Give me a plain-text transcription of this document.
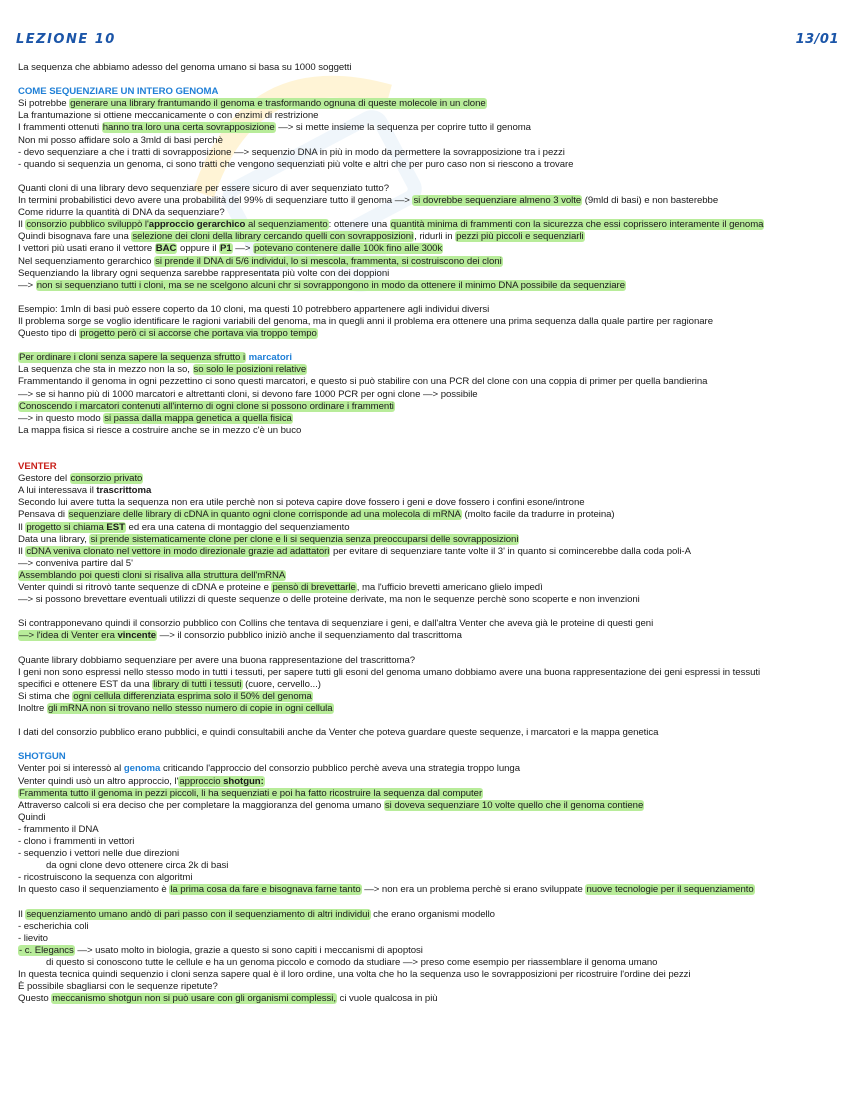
LEZIONE 10	13/01
La sequenza che abbiamo adesso del genoma umano si basa su 1000 soggetti
COME SEQUENZIARE UN INTERO GENOMA
Si potrebbe generare una library frantumando il genoma e trasformando ognuna di queste molecole in un clone
La frantumazione si ottiene meccanicamente o con enzimi di restrizione
I frammenti ottenuti hanno tra loro una certa sovrapposizione —> si mette insieme la sequenza per coprire tutto il genoma
Non mi posso affidare solo a 3mld di basi perchè
- devo sequenziare a che i tratti di sovrapposizione —> sequenzio DNA in più in modo da permettere la sovrapposizione tra i pezzi
- quando si sequenzia un genoma, ci sono tratti che vengono sequenziati più volte e altri che per puro caso non si riescono a trovare
Quanti cloni di una library devo sequenziare per essere sicuro di aver sequenziato tutto?
In termini probabilistici devo avere una probabilità del 99% di sequenziare tutto il genoma —> si dovrebbe sequenziare almeno 3 volte (9mld di basi) e non basterebbe
Come ridurre la quantità di DNA da sequenziare?
Il consorzio pubblico sviluppò l'approccio gerarchico al sequenziamento: ottenere una quantità minima di frammenti con la sicurezza che essi coprissero interamente il genoma
Quindi bisognava fare una selezione dei cloni della library cercando quelli con sovrapposizioni, ridurli in pezzi più piccoli e sequenziarli
I vettori più usati erano il vettore BAC oppure il P1 —> potevano contenere dalle 100k fino alle 300k
Nel sequenziamento gerarchico si prende il DNA di 5/6 individui, lo si mescola, frammenta, si costruiscono dei cloni
Sequenziando la library ogni sequenza sarebbe rappresentata più volte con dei doppioni
—> non si sequenziano tutti i cloni, ma se ne scelgono alcuni chr si sovrappongono in modo da ottenere il minimo DNA possibile da sequenziare
Esempio: 1mln di basi può essere coperto da 10 cloni, ma questi 10 potrebbero appartenere agli individui diversi
Il problema sorge se voglio identificare le ragioni variabili del genoma, ma in quegli anni il problema era ottenere una prima sequenza dalla quale partire per ragionare
Questo tipo di progetto però ci si accorse che portava via troppo tempo
Per ordinare i cloni senza sapere la sequenza sfrutto i marcatori
La sequenza che sta in mezzo non la so, so solo le posizioni relative
Frammentando il genoma in ogni pezzettino ci sono questi marcatori, e questo si può stabilire con una PCR del clone con una coppia di primer per quella bandierina
—> se si hanno più di 1000 marcatori e altrettanti cloni, si devono fare 1000 PCR per ogni clone —> possibile
Conoscendo i marcatori contenuti all'interno di ogni clone si possono ordinare i frammenti
—> in questo modo si passa dalla mappa genetica a quella fisica
La mappa fisica si riesce a costruire anche se in mezzo c'è un buco
VENTER
Gestore del consorzio privato
A lui interessava il trascrittoma
Secondo lui avere tutta la sequenza non era utile perchè non si poteva capire dove fossero i geni e dove fossero i confini esone/introne
Pensava di sequenziare delle library di cDNA in quanto ogni clone corrisponde ad una molecola di mRNA (molto facile da tradurre in proteina)
Il progetto si chiama EST ed era una catena di montaggio del sequenziamento
Data una library, si prende sistematicamente clone per clone e li si sequenzia senza preoccuparsi delle sovrapposizioni
Il cDNA veniva clonato nel vettore in modo direzionale grazie ad adattatori per evitare di sequenziare tante volte il 3' in quanto si comincerebbe dalla coda poli-A
—> conveniva partire dal 5'
Assemblando poi questi cloni si risaliva alla struttura dell'mRNA
Venter quindi si ritrovò tante sequenze di cDNA e proteine e pensò di brevettarle, ma l'ufficio brevetti americano glielo impedì
—> si possono brevettare eventuali utilizzi di queste sequenze o delle proteine derivate, ma non le sequenze perchè sono scoperte e non invenzioni
Si contrapponevano quindi il consorzio pubblico con Collins che tentava di sequenziare i geni, e dall'altra Venter che aveva già le proteine di questi geni
—> l'idea di Venter era vincente —> il consorzio pubblico iniziò anche il sequenziamento dal trascrittoma
Quante library dobbiamo sequenziare per avere una buona rappresentazione del trascrittoma?
I geni non sono espressi nello stesso modo in tutti i tessuti, per sapere tutti gli esoni del genoma umano dobbiamo avere una buona rappresentazione dei geni espressi in tessuti
specifici e ottenere EST da una library di tutti i tessuti (cuore, cervello...)
Si stima che ogni cellula differenziata esprima solo il 50% del genoma
Inoltre gli mRNA non si trovano nello stesso numero di copie in ogni cellula
I dati del consorzio pubblico erano pubblici, e quindi consultabili anche da Venter che poteva guardare queste sequenze, i marcatori e la mappa genetica
SHOTGUN
Venter poi si interessò al genoma criticando l'approccio del consorzio pubblico perchè aveva una strategia troppo lunga
Venter quindi usò un altro approccio, l'approccio shotgun:
Frammenta tutto il genoma in pezzi piccoli, li ha sequenziati e poi ha fatto ricostruire la sequenza dal computer
Attraverso calcoli si era deciso che per completare la maggioranza del genoma umano si doveva sequenziare 10 volte quello che il genoma contiene
Quindi
- frammento il DNA
- clono i frammenti in vettori
- sequenzio i vettori nelle due direzioni
da ogni clone devo ottenere circa 2k di basi
- ricostruiscono la sequenza con algoritmi
In questo caso il sequenziamento è la prima cosa da fare e bisognava farne tanto —> non era un problema perchè si erano sviluppate nuove tecnologie per il sequenziamento
Il sequenziamento umano andò di pari passo con il sequenziamento di altri individui che erano organismi modello
- escherichia coli
- lievito
- c. Elegancs —> usato molto in biologia, grazie a questo si sono capiti i meccanismi di apoptosi
di questo si conoscono tutte le cellule e ha un genoma piccolo e comodo da studiare —> preso come esempio per riassemblare il genoma umano
In questa tecnica quindi sequenzio i cloni senza sapere qual è il loro ordine, una volta che ho la sequenza uso le sovrapposizioni per ricostruire l'ordine dei pezzi
È possibile sbagliarsi con le sequenze ripetute?
Questo meccanismo shotgun non si può usare con gli organismi complessi, ci vuole qualcosa in più
